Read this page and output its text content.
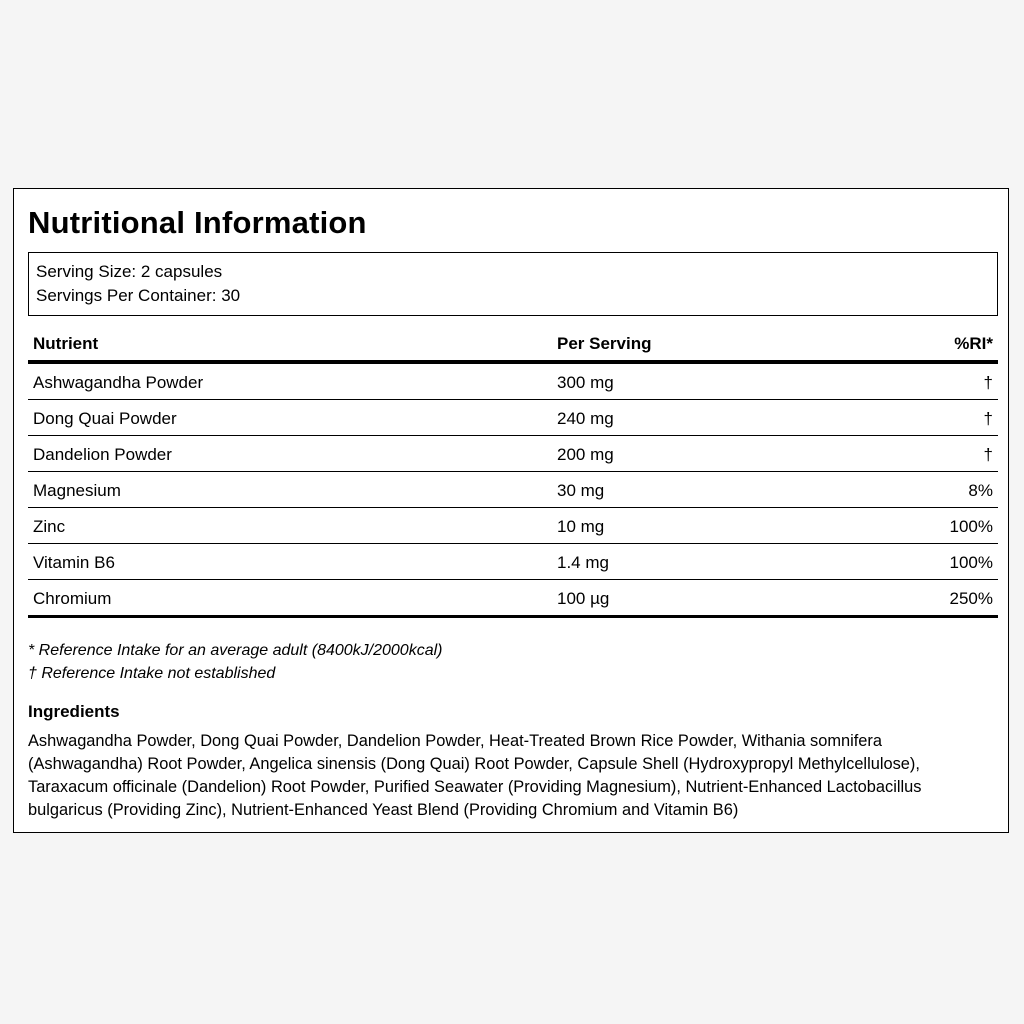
Nutritional Information
Serving Size: 2 capsules
Servings Per Container: 30
Nutrient	Per Serving	%RI*
Ashwagandha Powder	300 mg	†
Dong Quai Powder	240 mg	†
Dandelion Powder	200 mg	†
Magnesium	30 mg	8%
Zinc	10 mg	100%
Vitamin B6	1.4 mg	100%
Chromium	100 µg	250%
* Reference Intake for an average adult (8400kJ/2000kcal)
† Reference Intake not established
Ingredients
Ashwagandha Powder, Dong Quai Powder, Dandelion Powder, Heat-Treated Brown Rice Powder, Withania somnifera (Ashwagandha) Root Powder, Angelica sinensis (Dong Quai) Root Powder, Capsule Shell (Hydroxypropyl Methylcellulose), Taraxacum officinale (Dandelion) Root Powder, Purified Seawater (Providing Magnesium), Nutrient-Enhanced Lactobacillus bulgaricus (Providing Zinc), Nutrient-Enhanced Yeast Blend (Providing Chromium and Vitamin B6)
